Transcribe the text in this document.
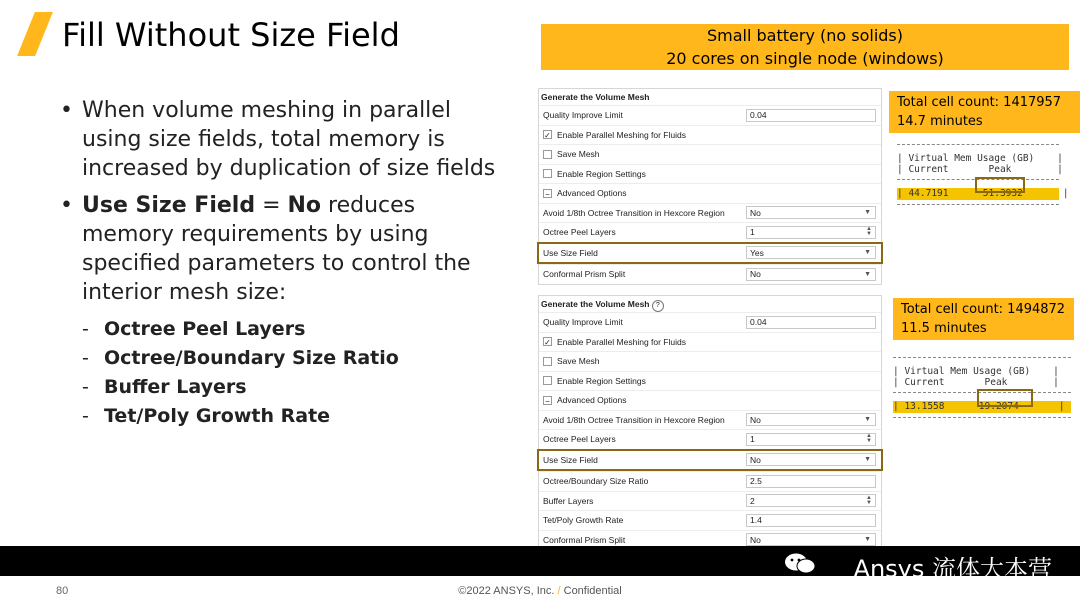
Fill Without Size Field
• When volume meshing in parallel using size fields, total memory is increased by duplication of size fields
• Use Size Field = No reduces memory requirements by using specified parameters to control the interior mesh size:
- Octree Peel Layers
- Octree/Boundary Size Ratio
- Buffer Layers
- Tet/Poly Growth Rate
Small battery (no solids)
20 cores on single node (windows)
Generate the Volume Mesh
Quality Improve Limit	0.04
✓ Enable Parallel Meshing for Fluids
Save Mesh
Enable Region Settings
− Advanced Options
Avoid 1/8th Octree Transition in Hexcore Region	No	▼
Octree Peel Layers	1	▲
▼
Use Size Field	Yes	▼
Conformal Prism Split	No	▼
Generate the Volume Mesh ?
Quality Improve Limit	0.04
✓ Enable Parallel Meshing for Fluids
Save Mesh
Enable Region Settings
− Advanced Options
Avoid 1/8th Octree Transition in Hexcore Region	No	▼
Octree Peel Layers	1	▲
▼
Use Size Field	No	▼
Octree/Boundary Size Ratio	2.5
Buffer Layers	2	▲
▼
Tet/Poly Growth Rate	1.4
Conformal Prism Split	No	▼
Total cell count: 1417957
14.7 minutes
| Virtual Mem Usage (GB)    |
| Current       Peak        |
| 44.7191      51.3932       |
Total cell count: 1494872
11.5 minutes
| Virtual Mem Usage (GB)    |
| Current       Peak        |
| 13.1558      19.2074       |
Ansys 流体大本营
80	©2022 ANSYS, Inc. / Confidential
